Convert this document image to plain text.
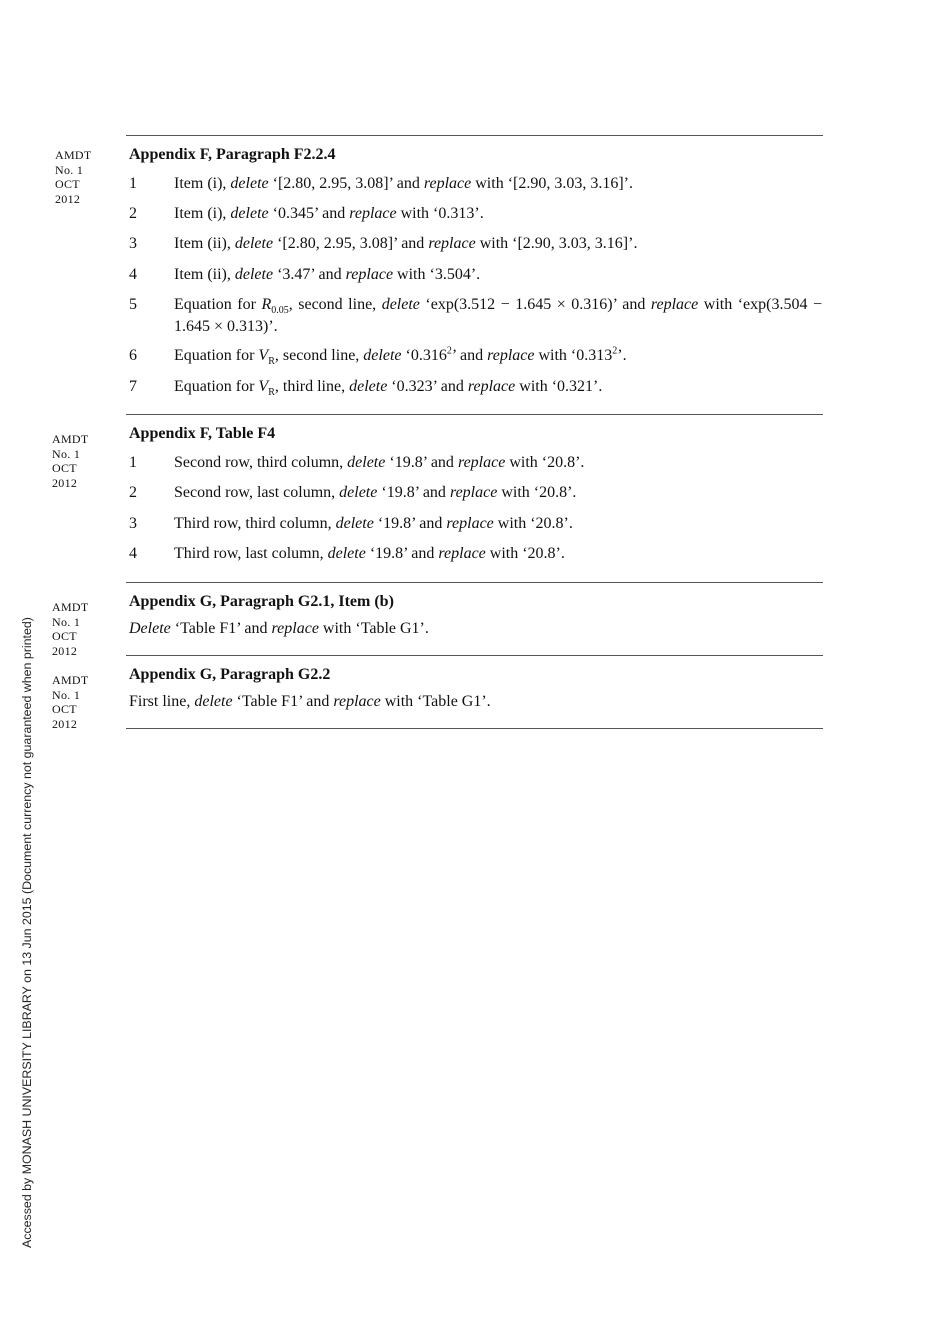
AMDT
No. 1
OCT
2012
Appendix F, Paragraph F2.2.4
1 Item (i), delete ‘[2.80, 2.95, 3.08]’ and replace with ‘[2.90, 3.03, 3.16]’.
2 Item (i), delete ‘0.345’ and replace with ‘0.313’.
3 Item (ii), delete ‘[2.80, 2.95, 3.08]’ and replace with ‘[2.90, 3.03, 3.16]’.
4 Item (ii), delete ‘3.47’ and replace with ‘3.504’.
5 Equation for $R_{0.05}$, second line, delete ‘exp(3.512 − 1.645 × 0.316)’ and replace with ‘exp(3.504 − 1.645 × 0.313)’.
6 Equation for $V_R$, second line, delete ‘0.316$^2$’ and replace with ‘0.313$^2$’.
7 Equation for $V_R$, third line, delete ‘0.323’ and replace with ‘0.321’.
AMDT
No. 1
OCT
2012
Appendix F, Table F4
1 Second row, third column, delete ‘19.8’ and replace with ‘20.8’.
2 Second row, last column, delete ‘19.8’ and replace with ‘20.8’.
3 Third row, third column, delete ‘19.8’ and replace with ‘20.8’.
4 Third row, last column, delete ‘19.8’ and replace with ‘20.8’.
AMDT
No. 1
OCT
2012
Appendix G, Paragraph G2.1, Item (b)
Delete ‘Table F1’ and replace with ‘Table G1’.
AMDT
No. 1
OCT
2012
Appendix G, Paragraph G2.2
First line, delete ‘Table F1’ and replace with ‘Table G1’.
Accessed by MONASH UNIVERSITY LIBRARY on 13 Jun 2015 (Document currency not guaranteed when printed)
